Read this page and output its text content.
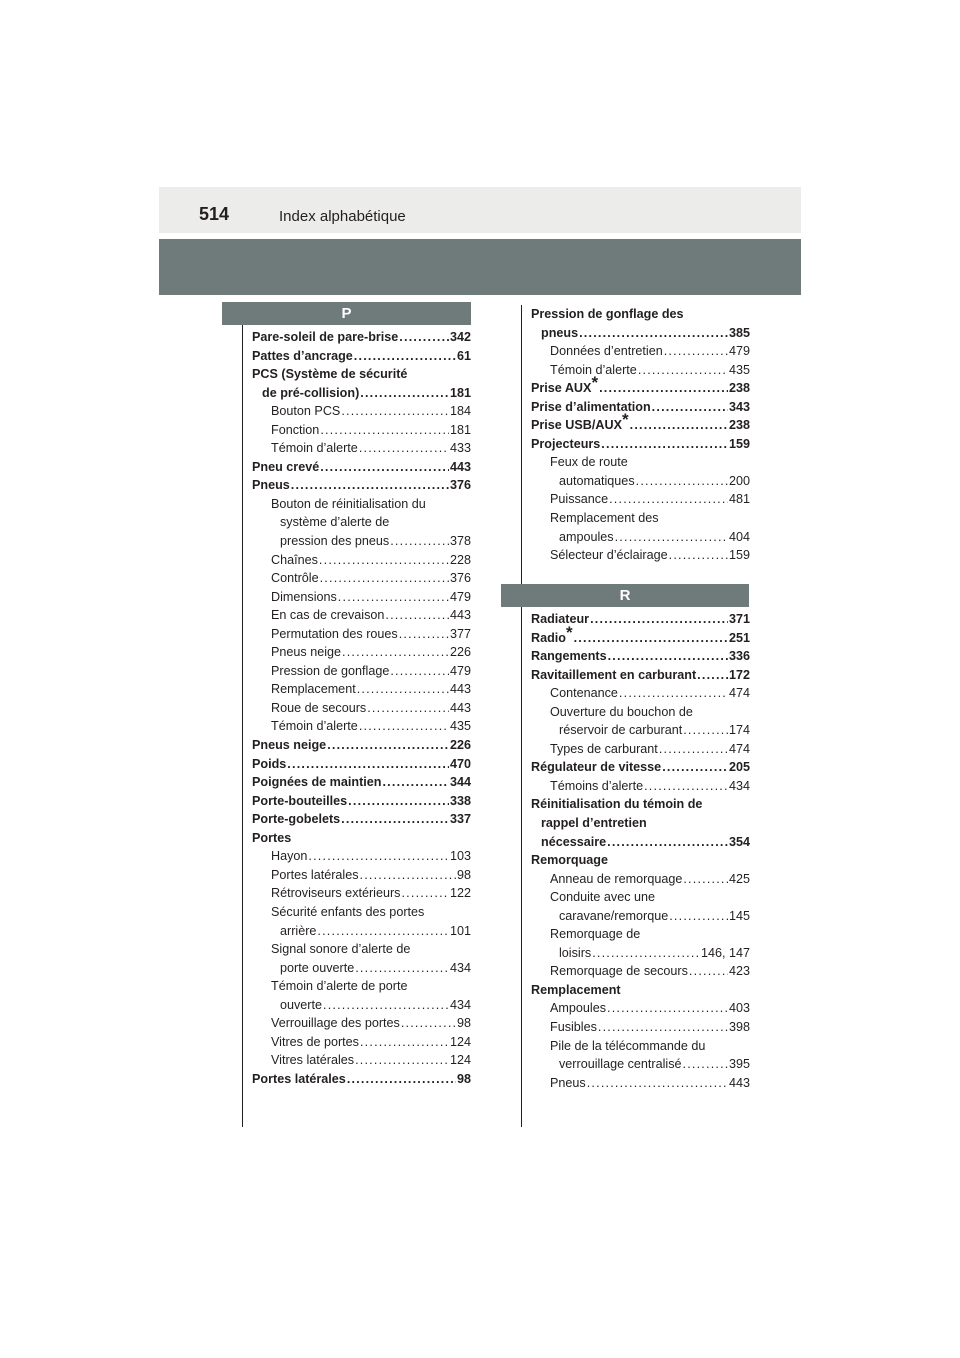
514	Index alphabétique
P
R
Pare-soleil de pare-brise .....	342
Pattes d’ancrage .....	61
PCS (Système de sécurité
de pré-collision) .....	181
Bouton PCS .....	184
Fonction .....	181
Témoin d’alerte .....	433
Pneu crevé .....	443
Pneus .....	376
Bouton de réinitialisation du
système d’alerte de
pression des pneus .....	378
Chaînes .....	228
Contrôle .....	376
Dimensions .....	479
En cas de crevaison .....	443
Permutation des roues .....	377
Pneus neige .....	226
Pression de gonflage .....	479
Remplacement .....	443
Roue de secours .....	443
Témoin d’alerte .....	435
Pneus neige .....	226
Poids .....	470
Poignées de maintien .....	344
Porte-bouteilles .....	338
Porte-gobelets .....	337
Portes
Hayon .....	103
Portes latérales .....	98
Rétroviseurs extérieurs .....	122
Sécurité enfants des portes
arrière .....	101
Signal sonore d’alerte de
porte ouverte .....	434
Témoin d’alerte de porte
ouverte .....	434
Verrouillage des portes .....	98
Vitres de portes .....	124
Vitres latérales .....	124
Portes latérales .....	98
Pression de gonflage des
pneus .....	385
Données d’entretien .....	479
Témoin d’alerte .....	435
Prise AUX* .....	238
Prise d’alimentation .....	343
Prise USB/AUX* .....	238
Projecteurs .....	159
Feux de route
automatiques .....	200
Puissance .....	481
Remplacement des
ampoules .....	404
Sélecteur d’éclairage .....	159
Radiateur .....	371
Radio* .....	251
Rangements .....	336
Ravitaillement en carburant .....	172
Contenance .....	474
Ouverture du bouchon de
réservoir de carburant .....	174
Types de carburant .....	474
Régulateur de vitesse .....	205
Témoins d’alerte .....	434
Réinitialisation du témoin de
rappel d’entretien
nécessaire .....	354
Remorquage
Anneau de remorquage .....	425
Conduite avec une
caravane/remorque .....	145
Remorquage de
loisirs .....	146, 147
Remorquage de secours .....	423
Remplacement
Ampoules .....	403
Fusibles .....	398
Pile de la télécommande du
verrouillage centralisé .....	395
Pneus .....	443
